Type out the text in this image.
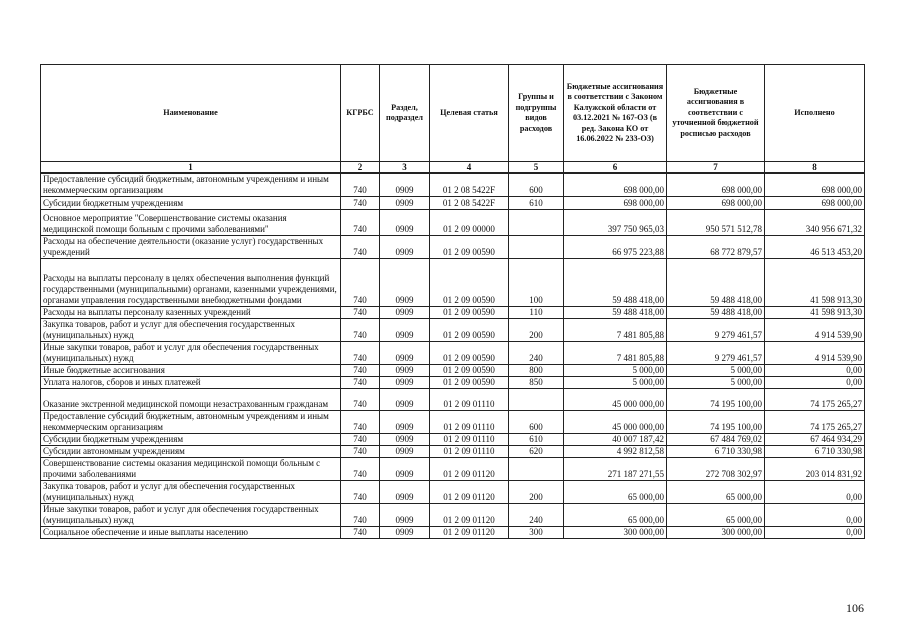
Наименование	КГРБС	Раздел, подраздел	Целевая статья	Группы и подгруппы видов расходов	Бюджетные ассигнования в соответствии с Законом Калужской области от 03.12.2021 № 167-ОЗ (в ред. Закона КО от 16.06.2022 № 233-ОЗ)	Бюджетные ассигнования в соответствии с уточненной бюджетной росписью расходов	Исполнено
1	2	3	4	5	6	7	8
Предоставление субсидий бюджетным, автономным учреждениям и иным некоммерческим организациям	740	0909	01 2 08 5422F	600	698 000,00	698 000,00	698 000,00
Субсидии бюджетным учреждениям	740	0909	01 2 08 5422F	610	698 000,00	698 000,00	698 000,00
Основное мероприятие "Совершенствование системы оказания медицинской помощи больным с прочими заболеваниями"	740	0909	01 2 09 00000		397 750 965,03	950 571 512,78	340 956 671,32
Расходы на обеспечение деятельности (оказание услуг) государственных учреждений	740	0909	01 2 09 00590		66 975 223,88	68 772 879,57	46 513 453,20
Расходы на выплаты персоналу в целях обеспечения выполнения функций государственными (муниципальными) органами, казенными учреждениями, органами управления государственными внебюджетными фондами	740	0909	01 2 09 00590	100	59 488 418,00	59 488 418,00	41 598 913,30
Расходы на выплаты персоналу казенных учреждений	740	0909	01 2 09 00590	110	59 488 418,00	59 488 418,00	41 598 913,30
Закупка товаров, работ и услуг для обеспечения государственных (муниципальных) нужд	740	0909	01 2 09 00590	200	7 481 805,88	9 279 461,57	4 914 539,90
Иные закупки товаров, работ и услуг для обеспечения государственных (муниципальных) нужд	740	0909	01 2 09 00590	240	7 481 805,88	9 279 461,57	4 914 539,90
Иные бюджетные ассигнования	740	0909	01 2 09 00590	800	5 000,00	5 000,00	0,00
Уплата налогов, сборов и иных платежей	740	0909	01 2 09 00590	850	5 000,00	5 000,00	0,00
Оказание экстренной медицинской помощи незастрахованным гражданам	740	0909	01 2 09 01110		45 000 000,00	74 195 100,00	74 175 265,27
Предоставление субсидий бюджетным, автономным учреждениям и иным некоммерческим организациям	740	0909	01 2 09 01110	600	45 000 000,00	74 195 100,00	74 175 265,27
Субсидии бюджетным учреждениям	740	0909	01 2 09 01110	610	40 007 187,42	67 484 769,02	67 464 934,29
Субсидии автономным учреждениям	740	0909	01 2 09 01110	620	4 992 812,58	6 710 330,98	6 710 330,98
Совершенствование системы оказания медицинской помощи больным с прочими заболеваниями	740	0909	01 2 09 01120		271 187 271,55	272 708 302,97	203 014 831,92
Закупка товаров, работ и услуг для обеспечения государственных (муниципальных) нужд	740	0909	01 2 09 01120	200	65 000,00	65 000,00	0,00
Иные закупки товаров, работ и услуг для обеспечения государственных (муниципальных) нужд	740	0909	01 2 09 01120	240	65 000,00	65 000,00	0,00
Социальное обеспечение и иные выплаты населению	740	0909	01 2 09 01120	300	300 000,00	300 000,00	0,00
106
